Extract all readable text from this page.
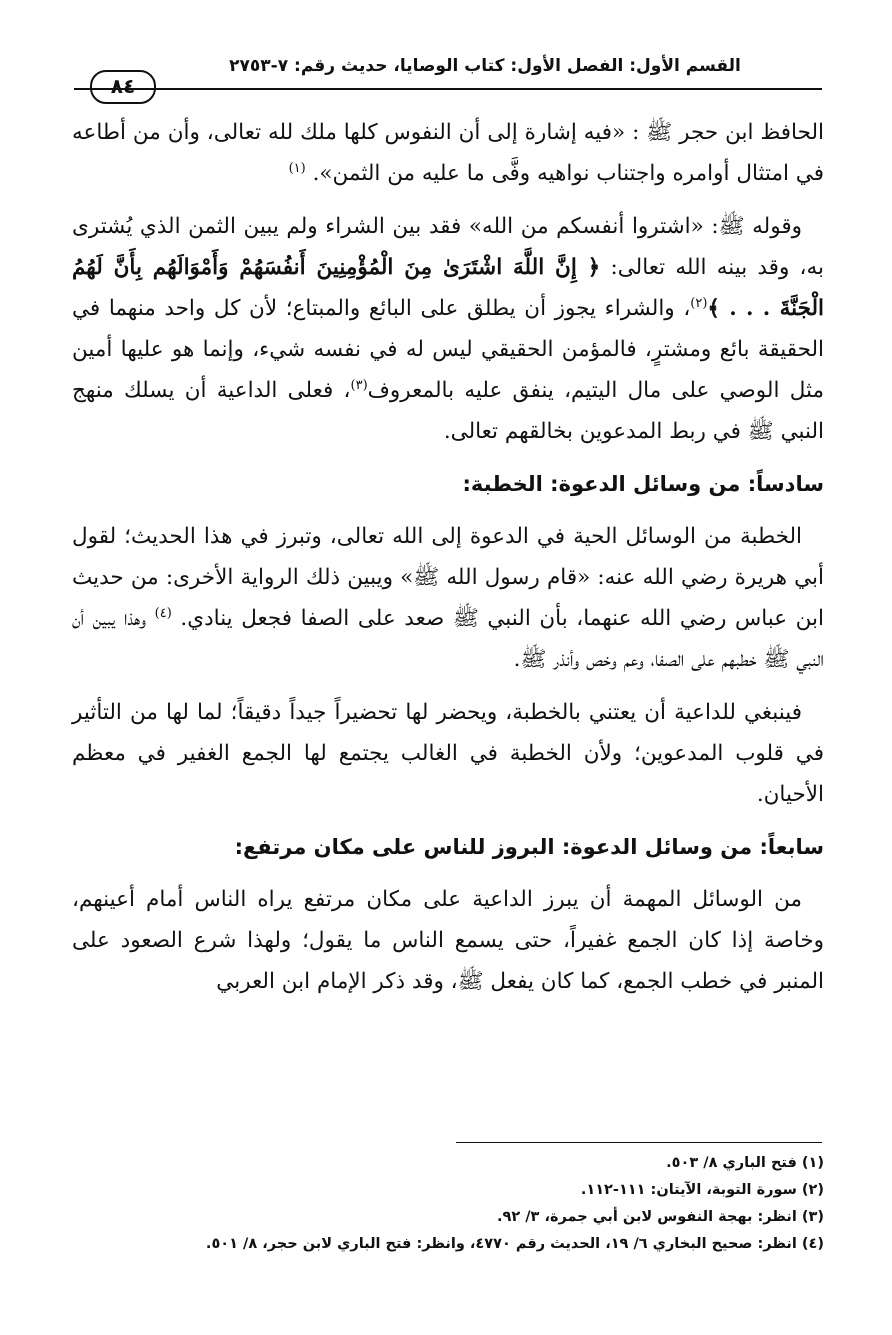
القسم الأول: الفصل الأول: كتاب الوصايا، حديث رقم: ٧-٢٧٥٣
٨٤

الحافظ ابن حجر ﷺ : «فيه إشارة إلى أن النفوس كلها ملك لله تعالى، وأن من أطاعه في امتثال أوامره واجتناب نواهيه وفَّى ما عليه من الثمن». $^{(١)}$

وقوله ﷺ: «اشتروا أنفسكم من الله» فقد بين الشراء ولم يبين الثمن الذي يُشترى به، وقد بينه الله تعالى: ﴿ إِنَّ اللَّهَ اشْتَرَىٰ مِنَ الْمُؤْمِنِينَ أَنفُسَهُمْ وَأَمْوَالَهُم بِأَنَّ لَهُمُ الْجَنَّةَ . . . ﴾$^{(٢)}$، والشراء يجوز أن يطلق على البائع والمبتاع؛ لأن كل واحد منهما في الحقيقة بائع ومشترٍ، فالمؤمن الحقيقي ليس له في نفسه شيء، وإنما هو عليها أمين مثل الوصي على مال اليتيم، ينفق عليه بالمعروف$^{(٣)}$، فعلى الداعية أن يسلك منهج النبي ﷺ في ربط المدعوين بخالقهم تعالى.

سادساً: من وسائل الدعوة: الخطبة:

الخطبة من الوسائل الحية في الدعوة إلى الله تعالى، وتبرز في هذا الحديث؛ لقول أبي هريرة رضي الله عنه: «قام رسول الله ﷺ» ويبين ذلك الرواية الأخرى: من حديث ابن عباس رضي الله عنهما، بأن النبي ﷺ صعد على الصفا فجعل ينادي. $^{(٤)}$ وهذا يبين أن النبي ﷺ خطبهم على الصفا، وعم وخص وأنذر ﷺ.

فينبغي للداعية أن يعتني بالخطبة، ويحضر لها تحضيراً جيداً دقيقاً؛ لما لها من التأثير في قلوب المدعوين؛ ولأن الخطبة في الغالب يجتمع لها الجمع الغفير في معظم الأحيان.

سابعاً: من وسائل الدعوة: البروز للناس على مكان مرتفع:

من الوسائل المهمة أن يبرز الداعية على مكان مرتفع يراه الناس أمام أعينهم، وخاصة إذا كان الجمع غفيراً، حتى يسمع الناس ما يقول؛ ولهذا شرع الصعود على المنبر في خطب الجمع، كما كان يفعل ﷺ، وقد ذكر الإمام ابن العربي

(١) فتح الباري ٨/ ٥٠٣.
(٢) سورة التوبة، الآيتان: ١١١-١١٢.
(٣) انظر: بهجة النفوس لابن أبي جمرة، ٣/ ٩٢.
(٤) انظر: صحيح البخاري ٦/ ١٩، الحديث رقم ٤٧٧٠، وانظر: فتح الباري لابن حجر، ٨/ ٥٠١.
